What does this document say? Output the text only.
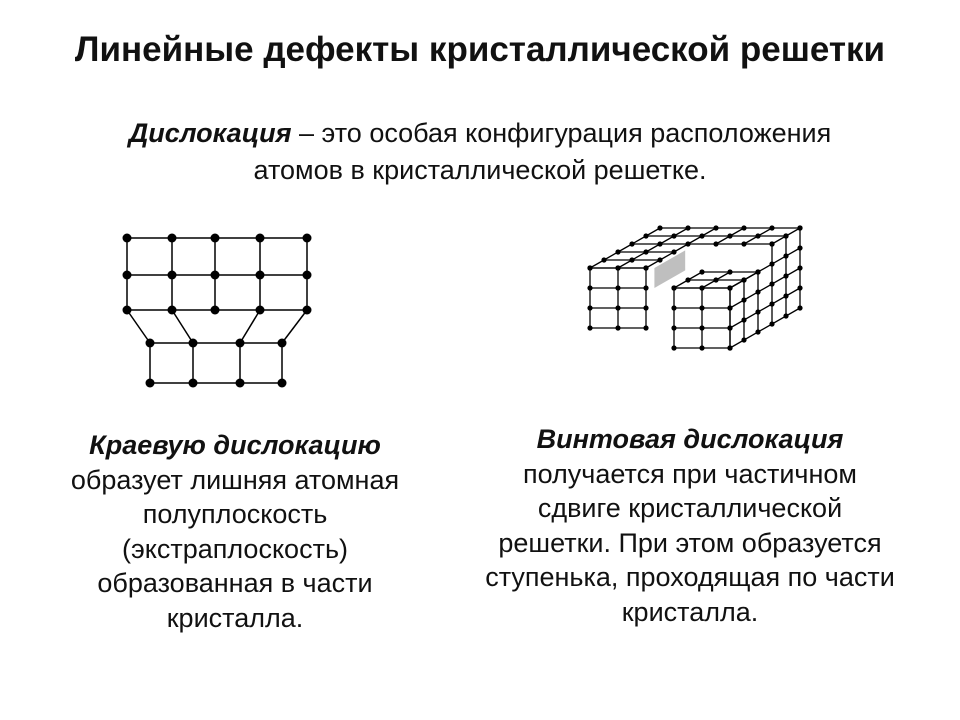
Линейные дефекты кристаллической решетки
Дислокация – это особая конфигурация расположения
атомов в кристаллической решетке.
Краевую дислокацию
образует лишняя атомная
полуплоскость
(экстраплоскость)
образованная в части
кристалла.
Винтовая дислокация
получается при частичном
сдвиге кристаллической
решетки. При этом образуется
ступенька, проходящая по части
кристалла.
